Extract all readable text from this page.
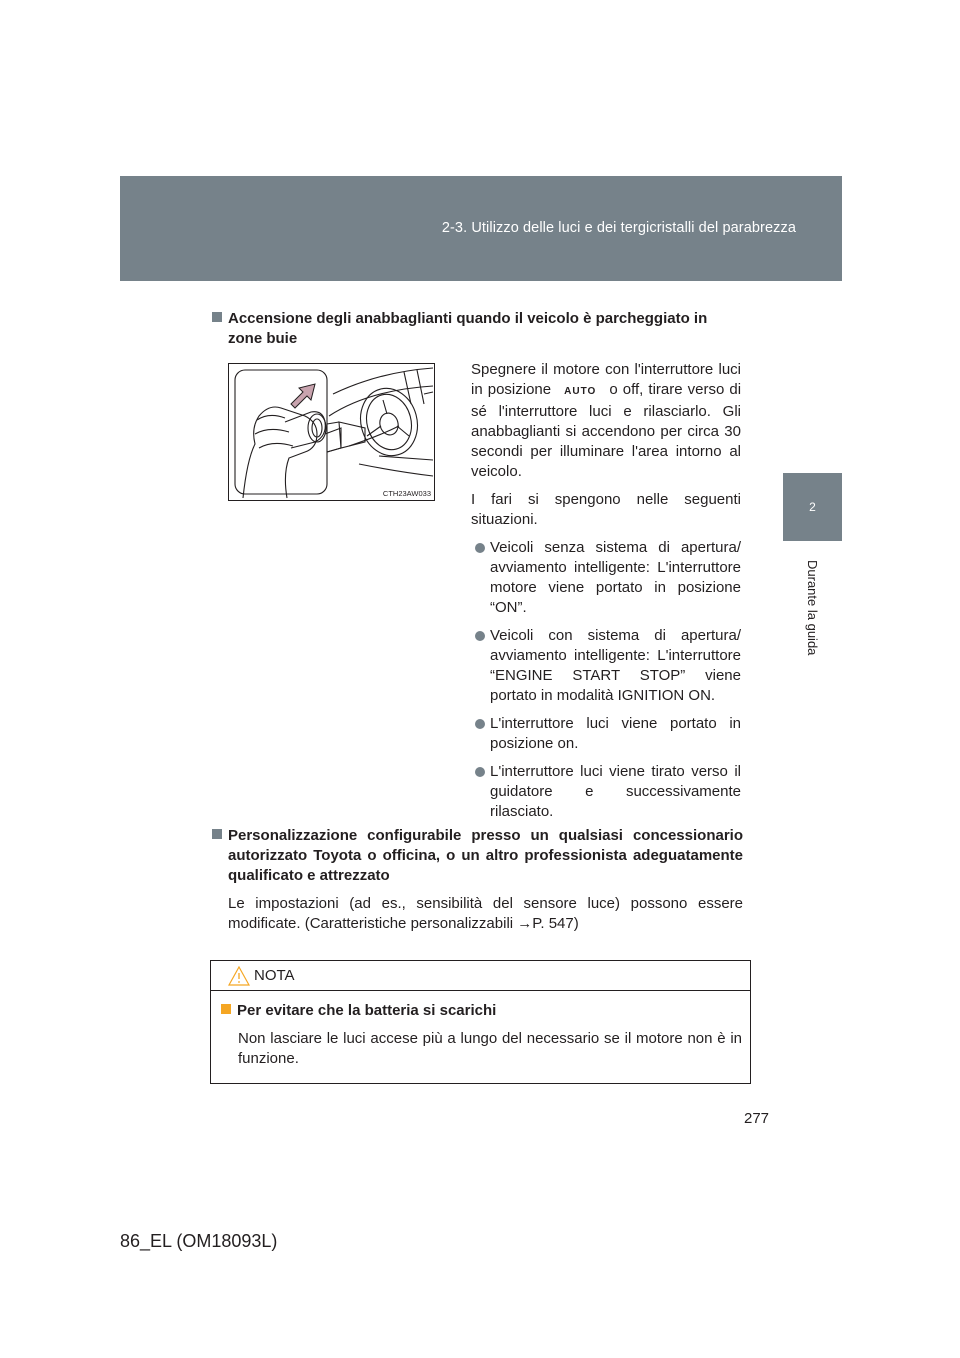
2-3. Utilizzo delle luci e dei tergicristalli del parabrezza
2
Durante la guida
Accensione degli anabbaglianti quando il veicolo è parcheggiato in
zone buie
CTH23AW033

Spegnere il motore con l'interruttore luci in posizione AUTO o off, tirare verso di sé l'interruttore luci e rilasciarlo. Gli anabbaglianti si accendono per circa 30 secondi per illuminare l'area intorno al veicolo.

I fari si spengono nelle seguenti situazioni.

Veicoli senza sistema di apertura/ avviamento intelligente: L'interruttore motore viene portato in posizione “ON”.
Veicoli con sistema di apertura/ avviamento intelligente: L'interruttore “ENGINE START STOP” viene portato in modalità IGNITION ON.
L'interruttore luci viene portato in posizione on.
L'interruttore luci viene tirato verso il guidatore e successivamente rilasciato.
Personalizzazione configurabile presso un qualsiasi concessionario autorizzato Toyota o officina, o un altro professionista adeguatamente qualificato e attrezzato
Le impostazioni (ad es., sensibilità del sensore luce) possono essere modificate. (Caratteristiche personalizzabili →P. 547)
NOTA
Per evitare che la batteria si scarichi
Non lasciare le luci accese più a lungo del necessario se il motore non è in funzione.
277
86_EL (OM18093L)
